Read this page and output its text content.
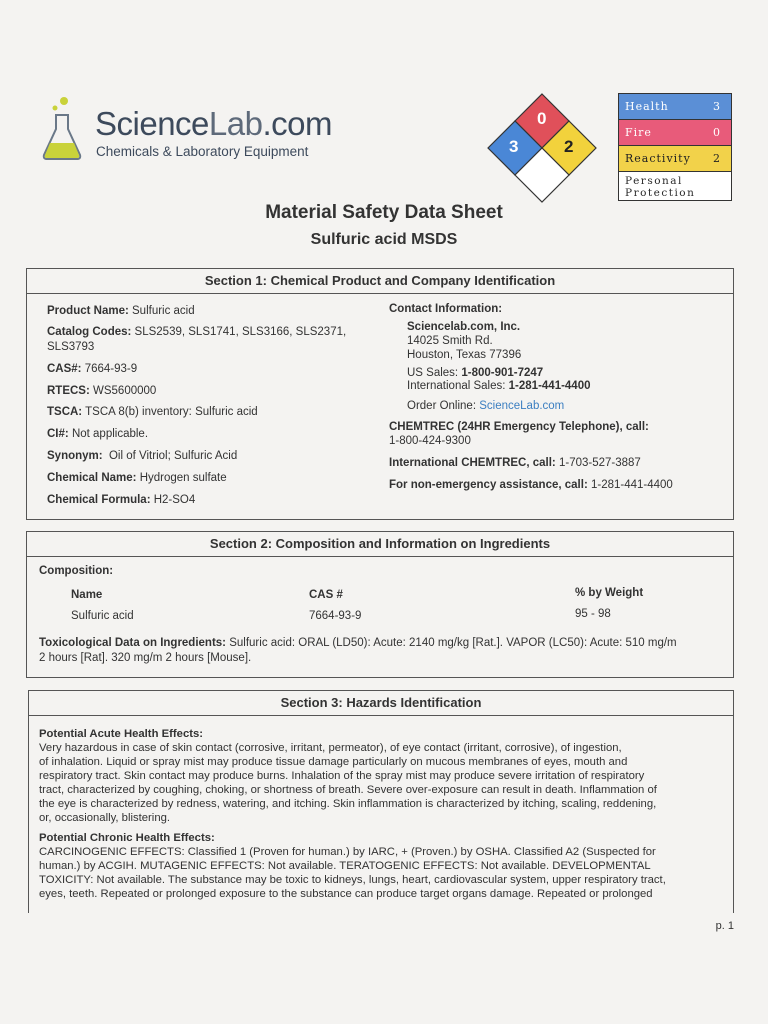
ScienceLab.com
Chemicals & Laboratory Equipment
0
3	2
Health	3
Fire	0
Reactivity 2
Personal Protection
Material Safety Data Sheet
Sulfuric acid MSDS
Section 1: Chemical Product and Company Identification
Product Name: Sulfuric acid
Catalog Codes: SLS2539, SLS1741, SLS3166, SLS2371,
SLS3793
CAS#: 7664-93-9
RTECS: WS5600000
TSCA: TSCA 8(b) inventory: Sulfuric acid
CI#: Not applicable.
Synonym: Oil of Vitriol; Sulfuric Acid
Chemical Name: Hydrogen sulfate
Chemical Formula: H2-SO4
Contact Information:
Sciencelab.com, Inc.
14025 Smith Rd.
Houston, Texas 77396
US Sales: 1-800-901-7247
International Sales: 1-281-441-4400
Order Online: ScienceLab.com
CHEMTREC (24HR Emergency Telephone), call:
1-800-424-9300
International CHEMTREC, call: 1-703-527-3887
For non-emergency assistance, call: 1-281-441-4400
Section 2: Composition and Information on Ingredients
Composition:
Name	CAS #	% by Weight
Sulfuric acid	7664-93-9	95 - 98
Toxicological Data on Ingredients: Sulfuric acid: ORAL (LD50): Acute: 2140 mg/kg [Rat.]. VAPOR (LC50): Acute: 510 mg/m
2 hours [Rat]. 320 mg/m 2 hours [Mouse].
Section 3: Hazards Identification

Potential Acute Health Effects:

Very hazardous in case of skin contact (corrosive, irritant, permeator), of eye contact (irritant, corrosive), of ingestion,

of inhalation. Liquid or spray mist may produce tissue damage particularly on mucous membranes of eyes, mouth and

respiratory tract. Skin contact may produce burns. Inhalation of the spray mist may produce severe irritation of respiratory

tract, characterized by coughing, choking, or shortness of breath. Severe over-exposure can result in death. Inflammation of

the eye is characterized by redness, watering, and itching. Skin inflammation is characterized by itching, scaling, reddening,

or, occasionally, blistering.

Potential Chronic Health Effects:

CARCINOGENIC EFFECTS: Classified 1 (Proven for human.) by IARC, + (Proven.) by OSHA. Classified A2 (Suspected for

human.) by ACGIH. MUTAGENIC EFFECTS: Not available. TERATOGENIC EFFECTS: Not available. DEVELOPMENTAL

TOXICITY: Not available. The substance may be toxic to kidneys, lungs, heart, cardiovascular system, upper respiratory tract,

eyes, teeth. Repeated or prolonged exposure to the substance can produce target organs damage. Repeated or prolonged

p. 1
